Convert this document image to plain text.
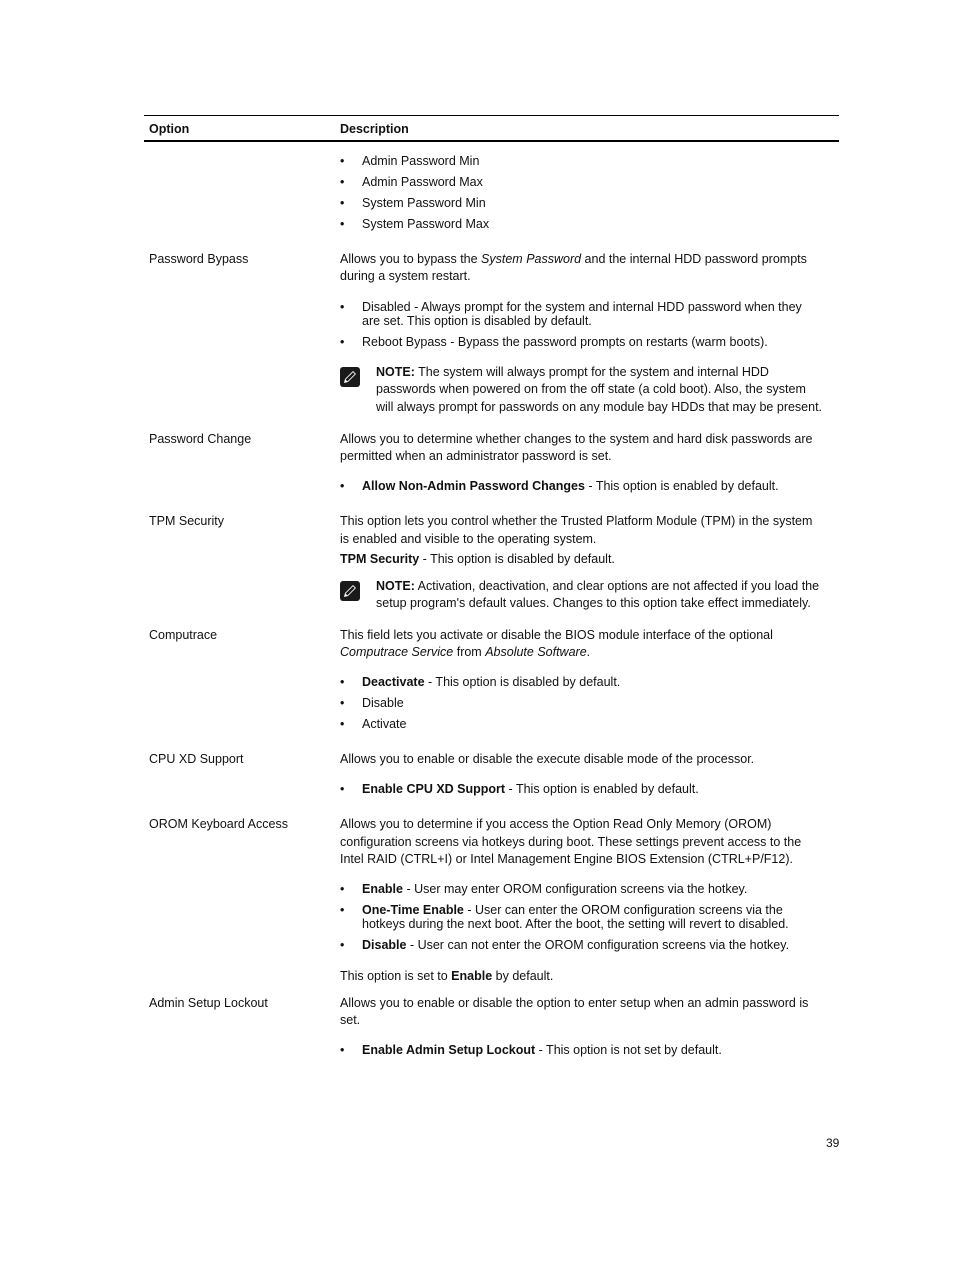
Option	Description
• Admin Password Min
• Admin Password Max
• System Password Min
• System Password Max
Password Bypass	Allows you to bypass the System Password and the internal HDD password prompts
during a system restart.
• Disabled - Always prompt for the system and internal HDD password when they
are set. This option is disabled by default.
• Reboot Bypass - Bypass the password prompts on restarts (warm boots).
NOTE: The system will always prompt for the system and internal HDD
passwords when powered on from the off state (a cold boot). Also, the system
will always prompt for passwords on any module bay HDDs that may be present.
Password Change	Allows you to determine whether changes to the system and hard disk passwords are
permitted when an administrator password is set.
• Allow Non-Admin Password Changes - This option is enabled by default.
TPM Security	This option lets you control whether the Trusted Platform Module (TPM) in the system
is enabled and visible to the operating system.
TPM Security - This option is disabled by default.
NOTE: Activation, deactivation, and clear options are not affected if you load the
setup program's default values. Changes to this option take effect immediately.
Computrace	This field lets you activate or disable the BIOS module interface of the optional
Computrace Service from Absolute Software.
• Deactivate - This option is disabled by default.
• Disable
• Activate
CPU XD Support	Allows you to enable or disable the execute disable mode of the processor.
• Enable CPU XD Support - This option is enabled by default.
OROM Keyboard Access	Allows you to determine if you access the Option Read Only Memory (OROM)
configuration screens via hotkeys during boot. These settings prevent access to the
Intel RAID (CTRL+I) or Intel Management Engine BIOS Extension (CTRL+P/F12).
• Enable - User may enter OROM configuration screens via the hotkey.
• One-Time Enable - User can enter the OROM configuration screens via the
hotkeys during the next boot. After the boot, the setting will revert to disabled.
• Disable - User can not enter the OROM configuration screens via the hotkey.
This option is set to Enable by default.
Admin Setup Lockout	Allows you to enable or disable the option to enter setup when an admin password is
set.
• Enable Admin Setup Lockout - This option is not set by default.
39
